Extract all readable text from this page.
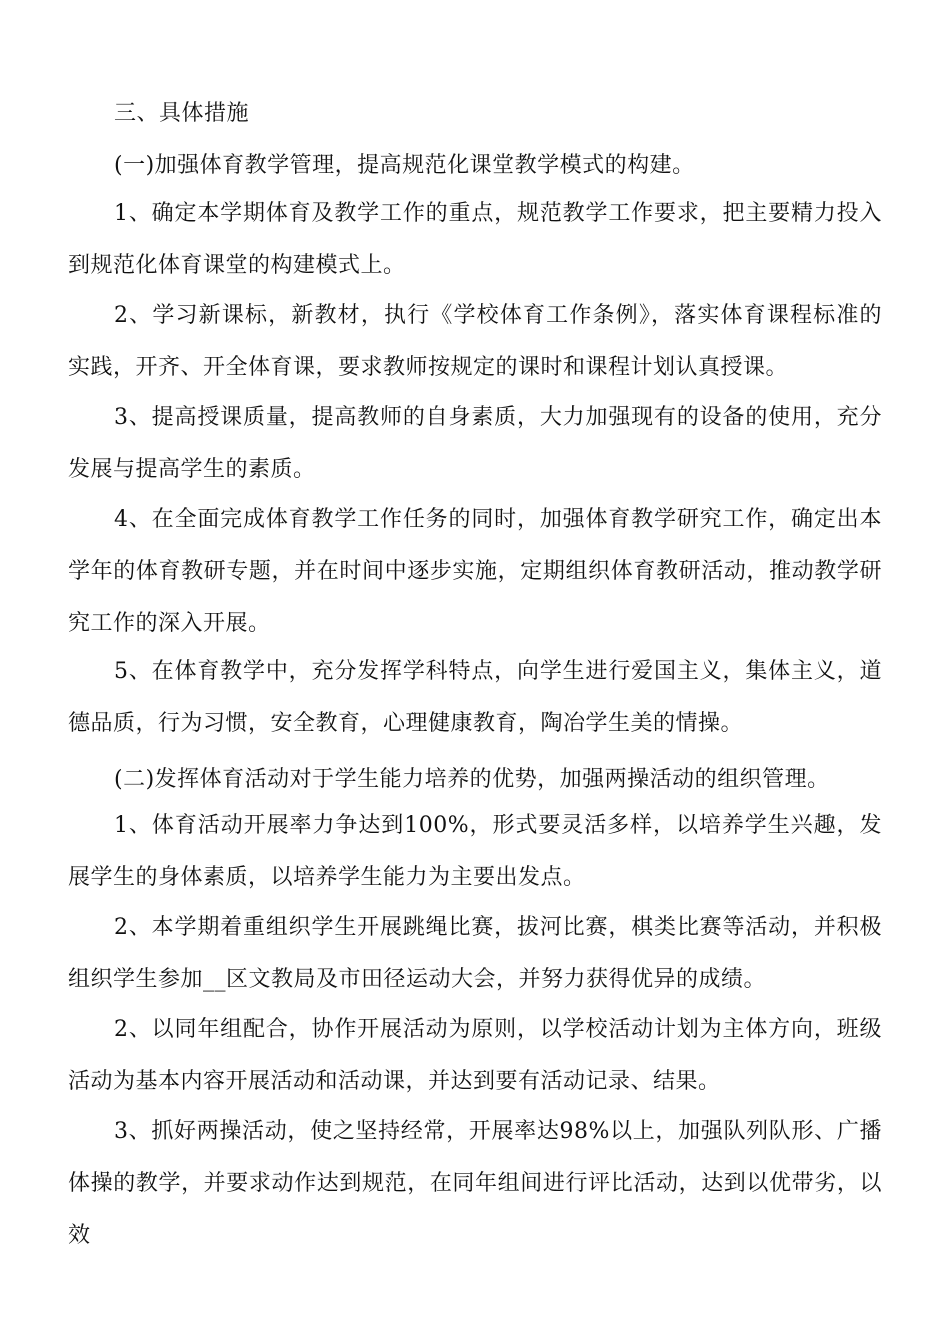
三、具体措施
(一)加强体育教学管理，提高规范化课堂教学模式的构建。
1、确定本学期体育及教学工作的重点，规范教学工作要求，把主要精力投入到规范化体育课堂的构建模式上。
2、学习新课标，新教材，执行《学校体育工作条例》，落实体育课程标准的实践，开齐、开全体育课，要求教师按规定的课时和课程计划认真授课。
3、提高授课质量，提高教师的自身素质，大力加强现有的设备的使用，充分发展与提高学生的素质。
4、在全面完成体育教学工作任务的同时，加强体育教学研究工作，确定出本学年的体育教研专题，并在时间中逐步实施，定期组织体育教研活动，推动教学研究工作的深入开展。
5、在体育教学中，充分发挥学科特点，向学生进行爱国主义，集体主义，道德品质，行为习惯，安全教育，心理健康教育，陶冶学生美的情操。
(二)发挥体育活动对于学生能力培养的优势，加强两操活动的组织管理。
1、体育活动开展率力争达到100%，形式要灵活多样，以培养学生兴趣，发展学生的身体素质，以培养学生能力为主要出发点。
2、本学期着重组织学生开展跳绳比赛，拔河比赛，棋类比赛等活动，并积极组织学生参加__区文教局及市田径运动大会，并努力获得优异的成绩。
2、以同年组配合，协作开展活动为原则，以学校活动计划为主体方向，班级活动为基本内容开展活动和活动课，并达到要有活动记录、结果。
3、抓好两操活动，使之坚持经常，开展率达98%以上，加强队列队形、广播体操的教学，并要求动作达到规范，在同年组间进行评比活动，达到以优带劣，以效
